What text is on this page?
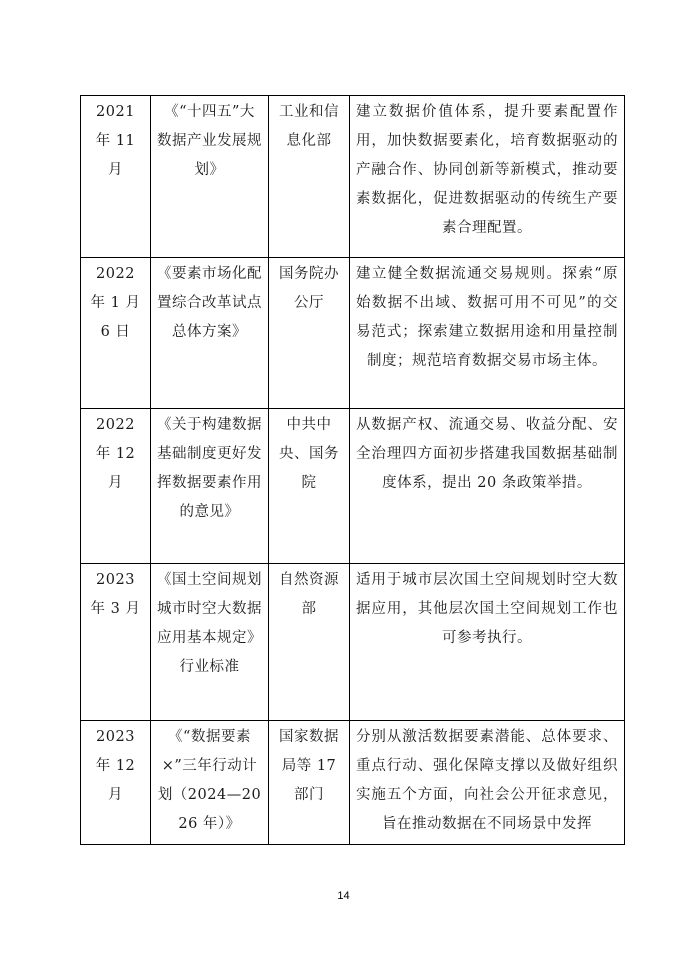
2021 年 11 月	《“十四五”大数据产业发展规划》	工业和信息化部	建立数据价值体系，提升要素配置作用，加快数据要素化，培育数据驱动的产融合作、协同创新等新模式，推动要素数据化，促进数据驱动的传统生产要素合理配置。
2022 年 1 月 6 日	《要素市场化配置综合改革试点总体方案》	国务院办公厅	建立健全数据流通交易规则。探索“原始数据不出域、数据可用不可见”的交易范式；探索建立数据用途和用量控制制度；规范培育数据交易市场主体。
2022 年 12 月	《关于构建数据基础制度更好发挥数据要素作用的意见》	中共中央、国务院	从数据产权、流通交易、收益分配、安全治理四方面初步搭建我国数据基础制度体系，提出 20 条政策举措。
2023 年 3 月	《国土空间规划城市时空大数据应用基本规定》行业标准	自然资源部	适用于城市层次国土空间规划时空大数据应用，其他层次国土空间规划工作也可参考执行。
2023 年 12 月	《“数据要素×”三年行动计划（2024—2026 年）》	国家数据局等 17 部门	分别从激活数据要素潜能、总体要求、重点行动、强化保障支撑以及做好组织实施五个方面，向社会公开征求意见，旨在推动数据在不同场景中发挥
14
